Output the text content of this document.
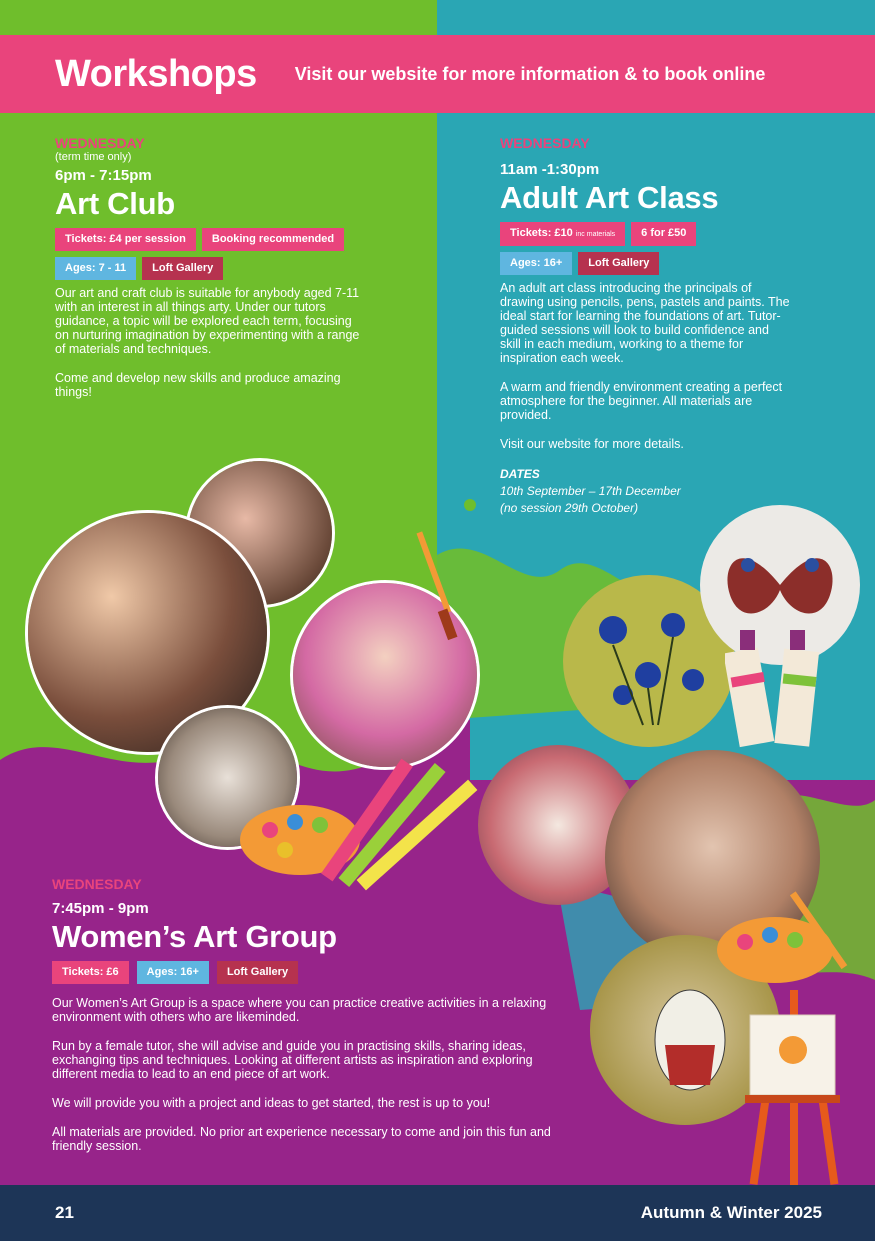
Workshops Visit our website for more information & to book online
WEDNESDAY
(term time only)
6pm - 7:15pm
Art Club
Tickets: £4 per session	Booking recommended
Ages: 7 - 11	Loft Gallery

Our art and craft club is suitable for anybody aged 7-11 with an interest in all things arty. Under our tutors guidance, a topic will be explored each term, focusing on nurturing imagination by experimenting with a range of materials and techniques.

Come and develop new skills and produce amazing things!

WEDNESDAY
11am -1:30pm
Adult Art Class
Tickets: £10 inc materials	6 for £50
Ages: 16+	Loft Gallery

An adult art class introducing the principals of drawing using pencils, pens, pastels and paints. The ideal start for learning the foundations of art. Tutor-guided sessions will look to build confidence and skill in each medium, working to a theme for inspiration each week.

A warm and friendly environment creating a perfect atmosphere for the beginner. All materials are provided.

Visit our website for more details.

DATES
10th September – 17th December
(no session 29th October)
WEDNESDAY
7:45pm - 9pm
Women’s Art Group
Tickets: £6	Ages: 16+	Loft Gallery

Our Women’s Art Group is a space where you can practice creative activities in a relaxing environment with others who are likeminded.

Run by a female tutor, she will advise and guide you in practising skills, sharing ideas, exchanging tips and techniques. Looking at different artists as inspiration and exploring different media to lead to an end piece of art work.

We will provide you with a project and ideas to get started, the rest is up to you!

All materials are provided. No prior art experience necessary to come and join this fun and friendly session.

21	Autumn & Winter 2025
